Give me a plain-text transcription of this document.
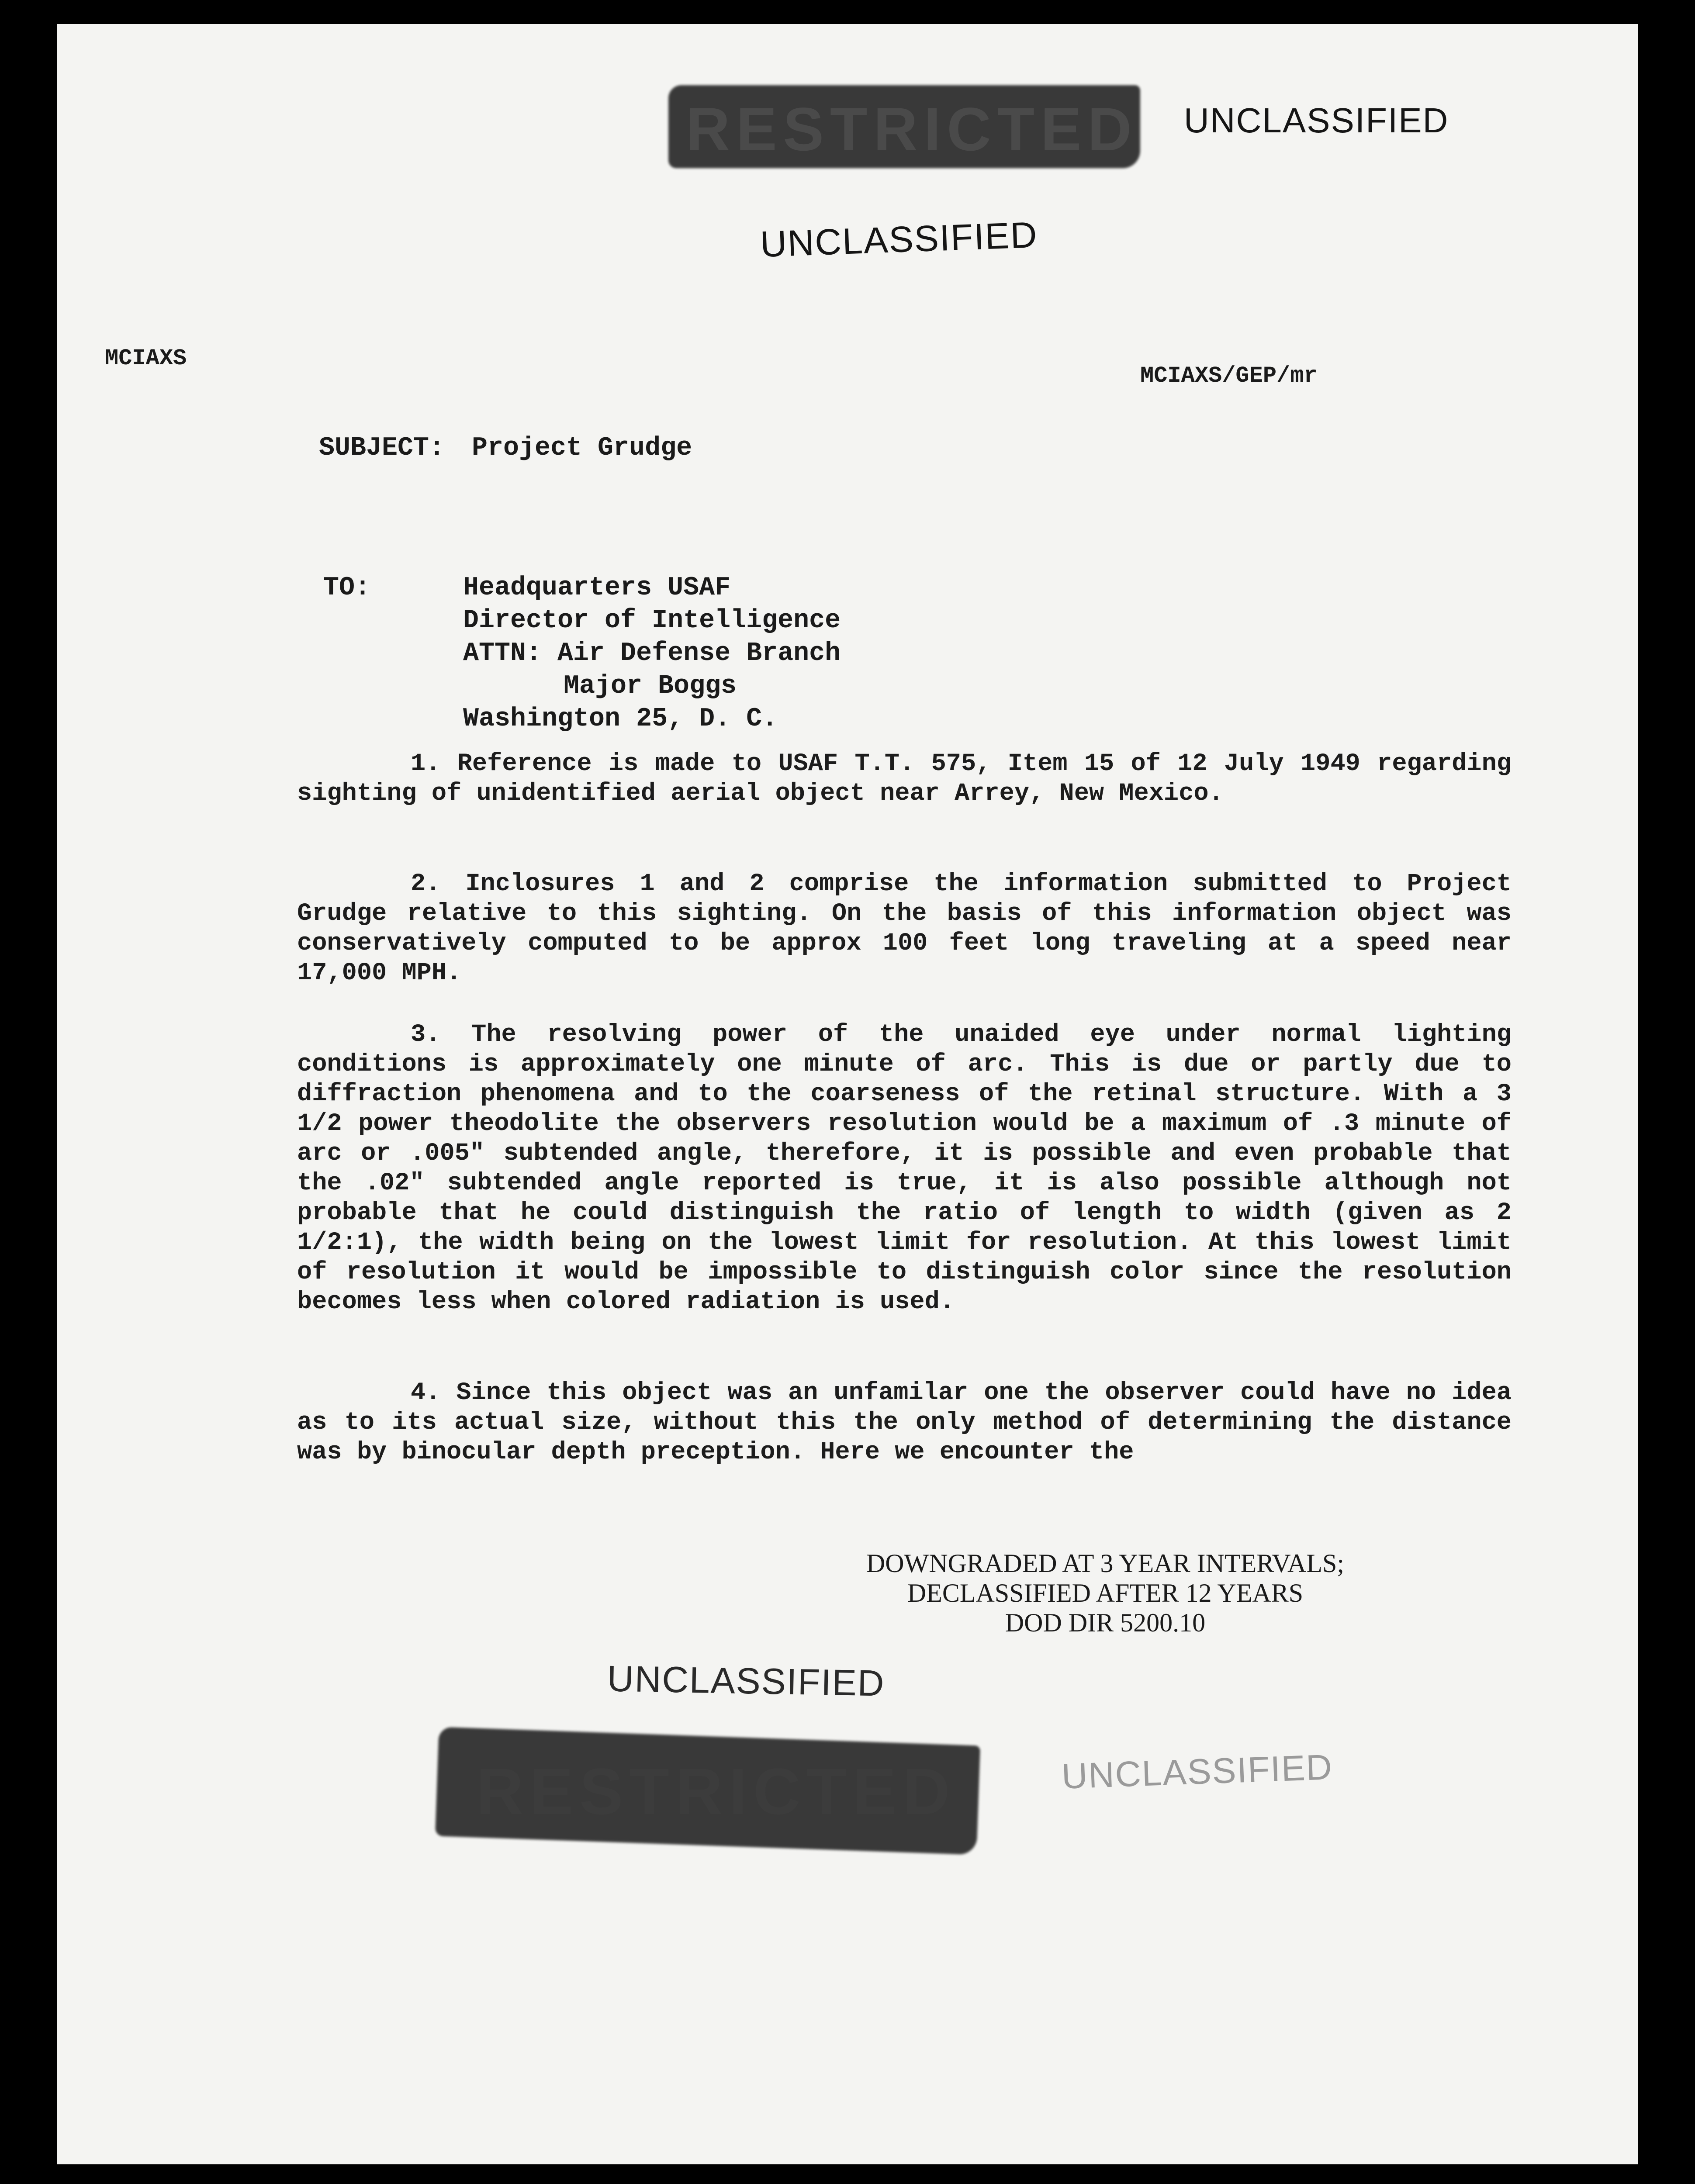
RESTRICTED UNCLASSIFIED
UNCLASSIFIED
MCIAXS
MCIAXS/GEP/mr
SUBJECT: Project Grudge
TO:	Headquarters USAF
Director of Intelligence
ATTN: Air Defense Branch
Major Boggs
Washington 25, D. C.
1. Reference is made to USAF T.T. 575, Item 15 of 12 July 1949 regarding sighting of unidentified aerial object near Arrey, New Mexico.
2. Inclosures 1 and 2 comprise the information submitted to Project Grudge relative to this sighting. On the basis of this information object was conservatively computed to be approx 100 feet long traveling at a speed near 17,000 MPH.
3. The resolving power of the unaided eye under normal lighting conditions is approximately one minute of arc. This is due or partly due to diffraction phenomena and to the coarseness of the retinal structure. With a 3 1/2 power theodolite the observers resolution would be a maximum of .3 minute of arc or .005" subtended angle, therefore, it is possible and even probable that the .02" subtended angle reported is true, it is also possible although not probable that he could distinguish the ratio of length to width (given as 2 1/2:1), the width being on the lowest limit for resolution. At this lowest limit of resolution it would be impossible to distinguish color since the resolution becomes less when colored radiation is used.
4. Since this object was an unfamilar one the observer could have no idea as to its actual size, without this the only method of determining the distance was by binocular depth preception. Here we encounter the
DOWNGRADED AT 3 YEAR INTERVALS;
DECLASSIFIED AFTER 12 YEARS
DOD DIR 5200.10
UNCLASSIFIED
RESTRICTED	UNCLASSIFIED
